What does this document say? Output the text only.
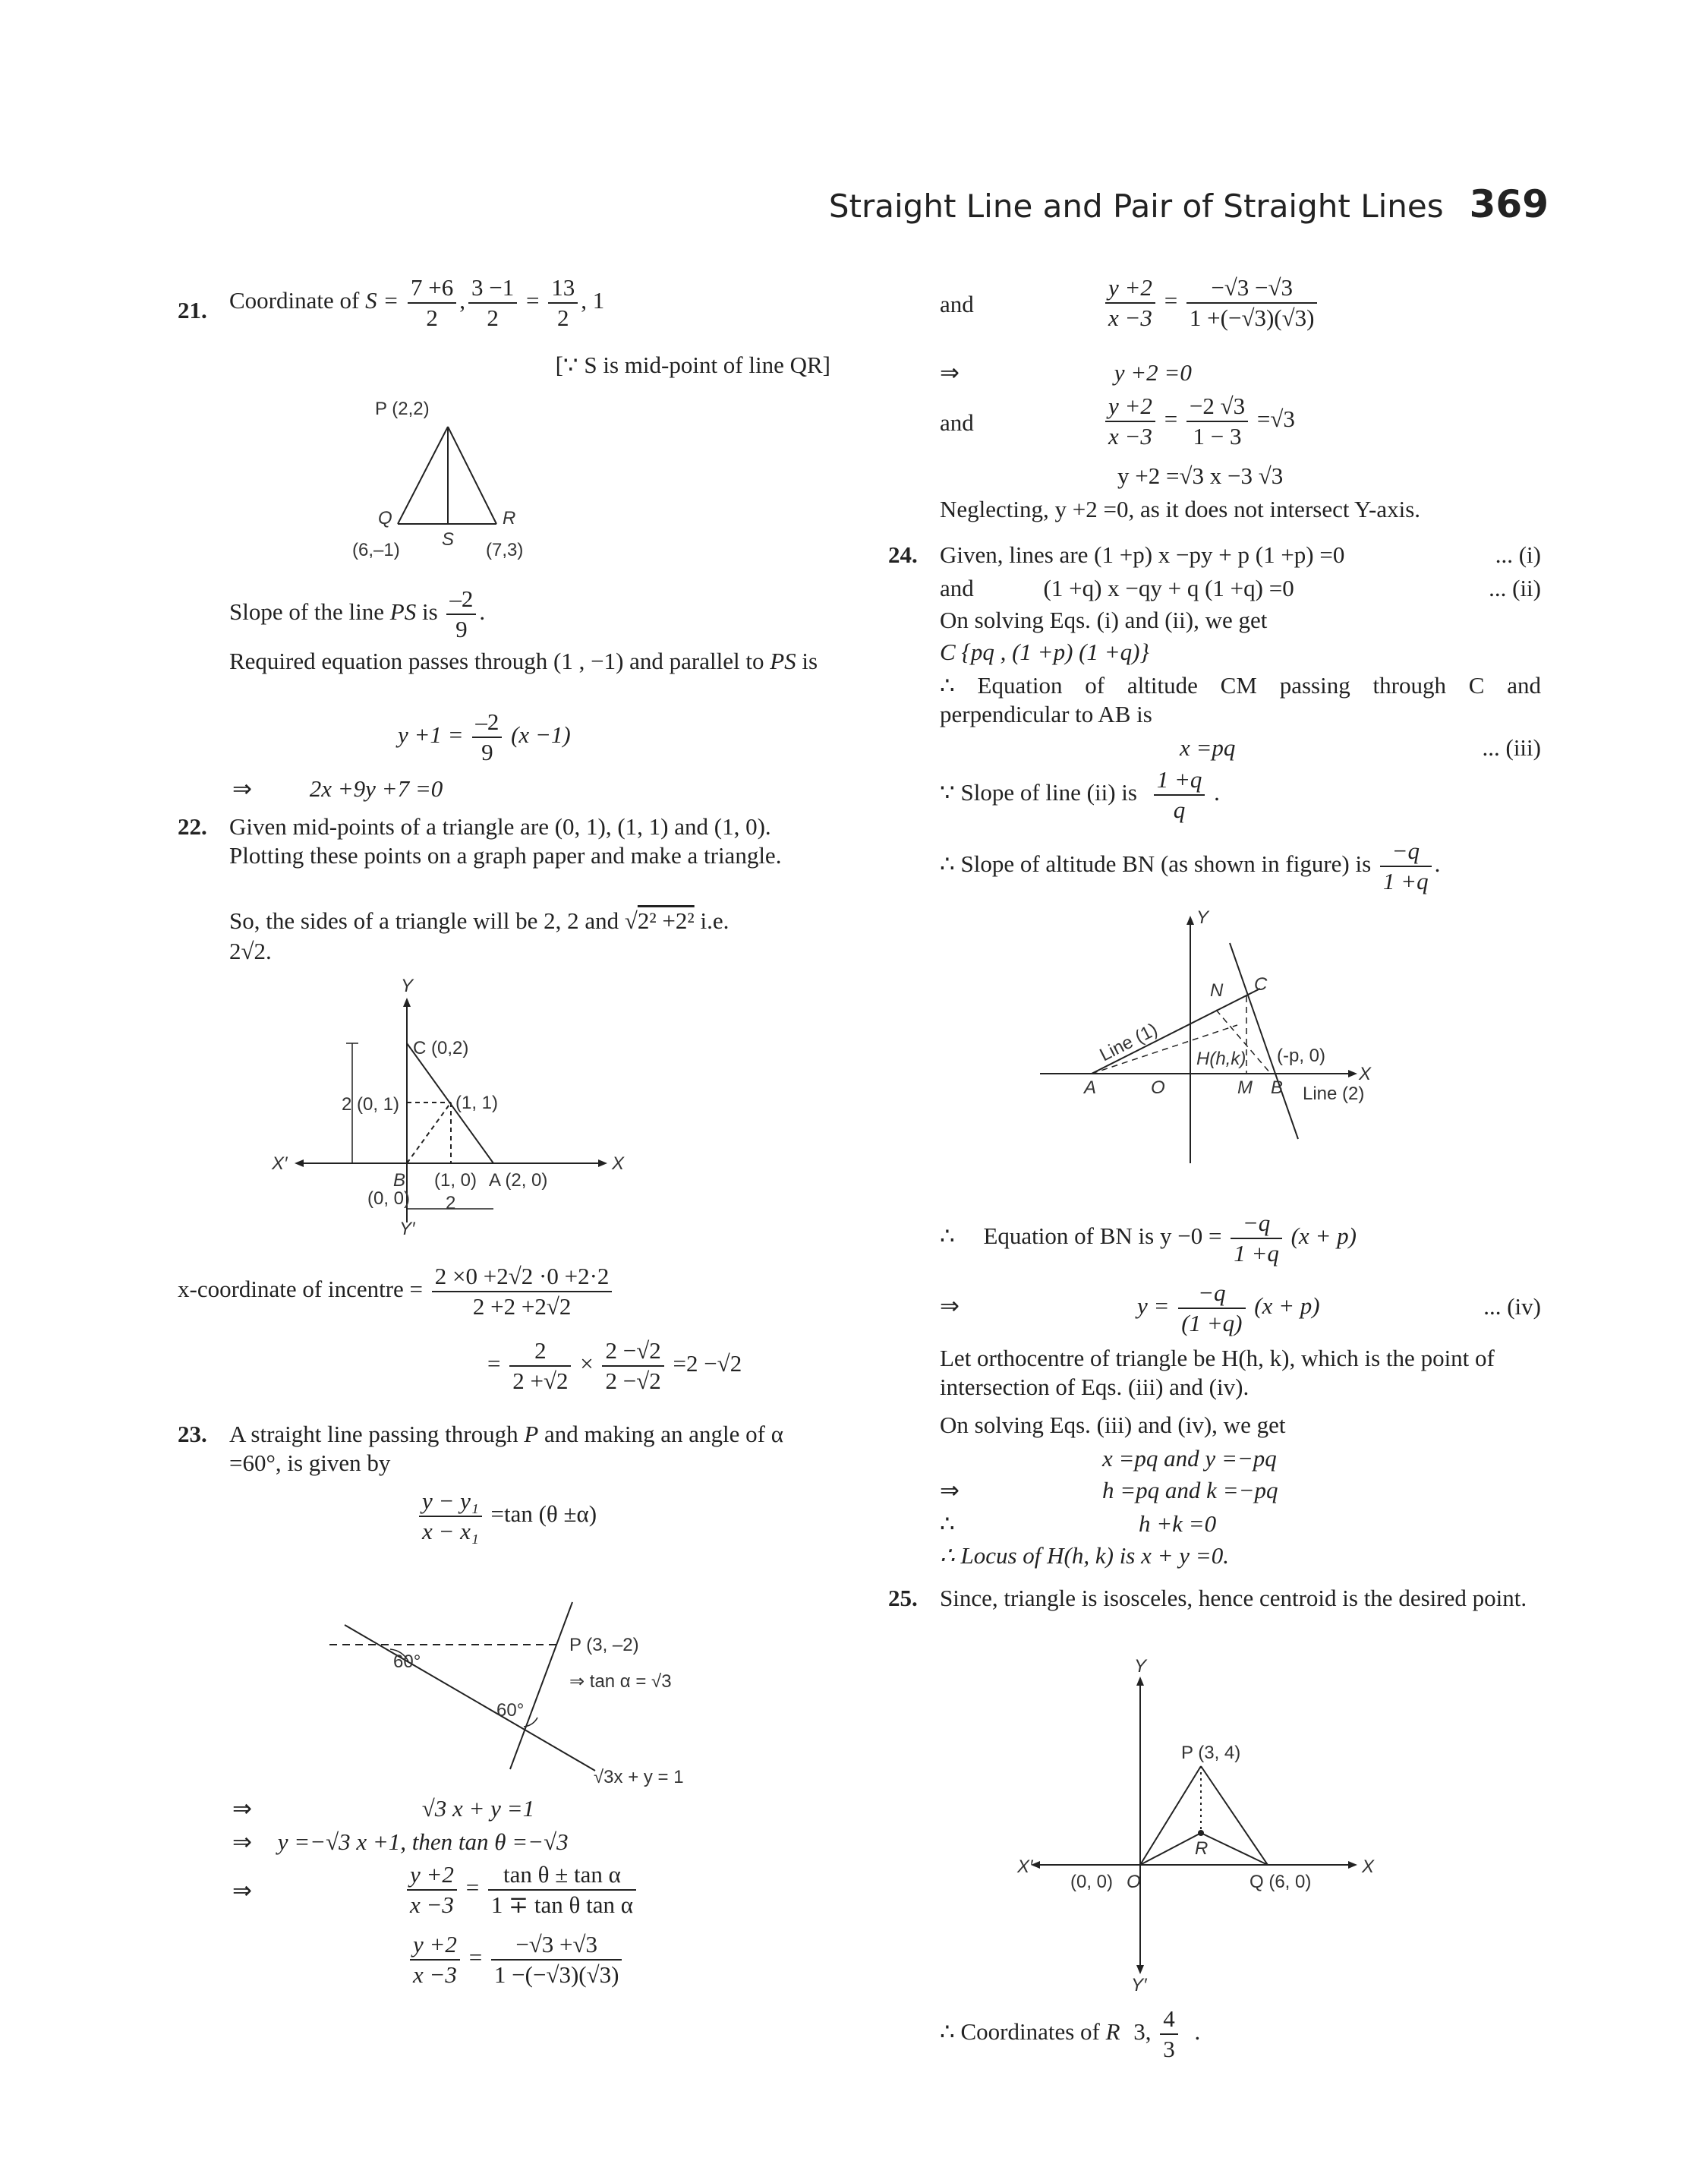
Straight Line and Pair of Straight Lines 369
21. Coordinate of $S = \frac{7 +6}{2}$ , $\frac{3 -1}{2} = \frac{13}{2}$ , 1
[∵ S is mid-point of line QR]
P (2,2)
Q
S
R
(6,–1)	(7,3)
Slope of the line PS is $\frac{-2}{9}$ .
Required equation passes through (1 , −1) and parallel to PS is
$y +1 = \frac{-2}{9} (x -1)$
⇒ 2x +9y +7 =0
22. Given mid-points of a triangle are (0, 1), (1, 1) and (1, 0). Plotting these points on a graph paper and make a triangle.
So, the sides of a triangle will be 2, 2 and √2² +2² i.e.
2√2.
Y
C (0,2)
2 (0, 1)	(1, 1)
X′	X
B
(0, 0)
(1, 0) A (2, 0)
2
Y′
x-coordinate of incentre = $\frac{2 \times 0 +2√2 \cdot 0 +2\cdot 2}{2 +2 +2√2}$
= $\frac{2}{2 +√2} \times \frac{2 -√2}{2 -√2} =2 -√2$
23. A straight line passing through P and making an angle of α =60°, is given by
$\frac{\text{y − y₁}}{\text{x − x₁}} =\tan$ (θ ±α)
60°
60°
P (3, –2)
⇒ tan α = √3
√3x + y = 1
⇒	√3 x + y =1
⇒ y =−√3 x +1, then tan θ =−√3
⇒	$\frac{y +2}{x -3} = \frac{\text{tan θ ± tan α}}{\text{1 ∓ tan θ tan α}}$
$\frac{y +2}{x -3} = \frac{-√3 +√3}{1 -(-√3)(√3)}$
and	$\frac{y +2}{x -3} = \frac{-√3 -√3}{1 +(-√3)(√3)}$
⇒	y +2 =0
and	$\frac{y +2}{x -3} = \frac{-2 √3}{1 - 3} =√3$
y +2 =√3 x −3 √3
Neglecting, y +2 =0, as it does not intersect Y-axis.
24. Given, lines are (1 +p) x −py + p (1 +p) =0	... (i)
and	(1 +q) x −qy + q (1 +q) =0	... (ii)
On solving Eqs. (i) and (ii), we get
C {pq , (1 +p) (1 +q)}
∴ Equation of altitude CM passing through C and perpendicular to AB is
x =pq	... (iii)
∵ Slope of line (ii) is $\frac{1 +q}{q}$ .
∴ Slope of altitude BN (as shown in figure) is $\frac{-q}{1 +q}$ .
Y
N C
Line (1) H(h,k) (-p, 0)
X
A	O	M B Line (2)
∴ Equation of BN is $y -0 = \frac{-q}{1 +q} (x + p)$
⇒	$y = \frac{-q}{(1 +q)} (x + p)$	... (iv)
Let orthocentre of triangle be H(h, k), which is the point of intersection of Eqs. (iii) and (iv).
On solving Eqs. (iii) and (iv), we get
x =pq and y =−pq
⇒	h =pq and k =−pq
∴	h +k =0
∴ Locus of H(h, k) is x + y =0.
25. Since, triangle is isosceles, hence centroid is the desired point.
Y
P (3, 4)
R
X′	X
(0, 0) O	Q (6, 0)
Y′
∴ Coordinates of R 3, $\frac{4}{3}$ .
